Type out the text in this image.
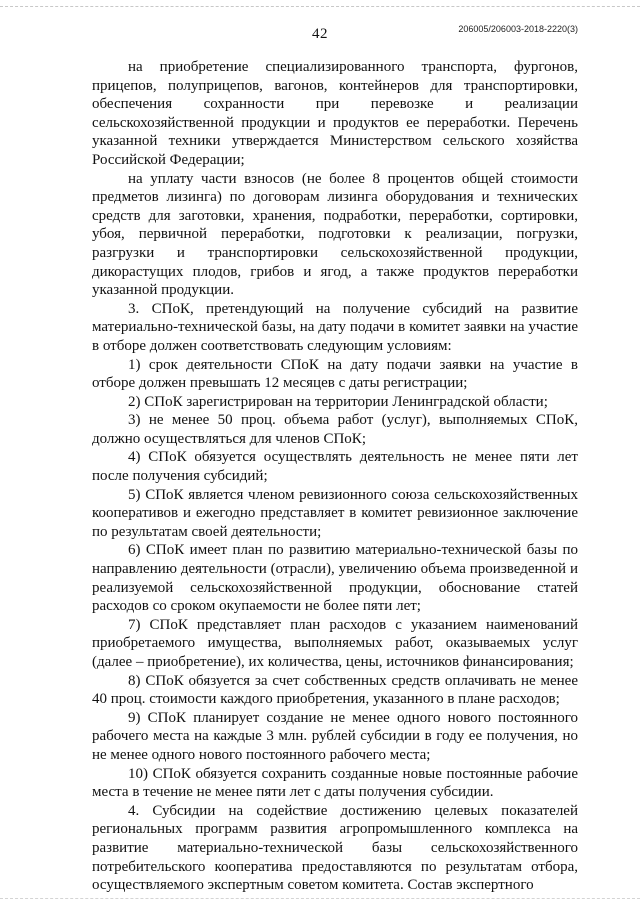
42	206005/206003-2018-2220(3)

на приобретение специализированного транспорта, фургонов, прицепов, полуприцепов, вагонов, контейнеров для транспортировки, обеспечения сохранности при перевозке и реализации сельскохозяйственной продукции и продуктов ее переработки. Перечень указанной техники утверждается Министерством сельского хозяйства Российской Федерации;

на уплату части взносов (не более 8 процентов общей стоимости предметов лизинга) по договорам лизинга оборудования и технических средств для заготовки, хранения, подработки, переработки, сортировки, убоя, первичной переработки, подготовки к реализации, погрузки, разгрузки и транспортировки сельскохозяйственной продукции, дикорастущих плодов, грибов и ягод, а также продуктов переработки указанной продукции.

3. СПоК, претендующий на получение субсидий на развитие материально-технической базы, на дату подачи в комитет заявки на участие в отборе должен соответствовать следующим условиям:

1) срок деятельности СПоК на дату подачи заявки на участие в отборе должен превышать 12 месяцев с даты регистрации;

2) СПоК зарегистрирован на территории Ленинградской области;

3) не менее 50 проц. объема работ (услуг), выполняемых СПоК, должно осуществляться для членов СПоК;

4) СПоК обязуется осуществлять деятельность не менее пяти лет после получения субсидий;

5) СПоК является членом ревизионного союза сельскохозяйственных кооперативов и ежегодно представляет в комитет ревизионное заключение по результатам своей деятельности;

6) СПоК имеет план по развитию материально-технической базы по направлению деятельности (отрасли), увеличению объема произведенной и реализуемой сельскохозяйственной продукции, обоснование статей расходов со сроком окупаемости не более пяти лет;

7) СПоК представляет план расходов с указанием наименований приобретаемого имущества, выполняемых работ, оказываемых услуг (далее – приобретение), их количества, цены, источников финансирования;

8) СПоК обязуется за счет собственных средств оплачивать не менее 40 проц. стоимости каждого приобретения, указанного в плане расходов;

9) СПоК планирует создание не менее одного нового постоянного рабочего места на каждые 3 млн. рублей субсидии в году ее получения, но не менее одного нового постоянного рабочего места;

10) СПоК обязуется сохранить созданные новые постоянные рабочие места в течение не менее пяти лет с даты получения субсидии.

4. Субсидии на содействие достижению целевых показателей региональных программ развития агропромышленного комплекса на развитие материально-технической базы сельскохозяйственного потребительского кооператива предоставляются по результатам отбора, осуществляемого экспертным советом комитета. Состав экспертного
